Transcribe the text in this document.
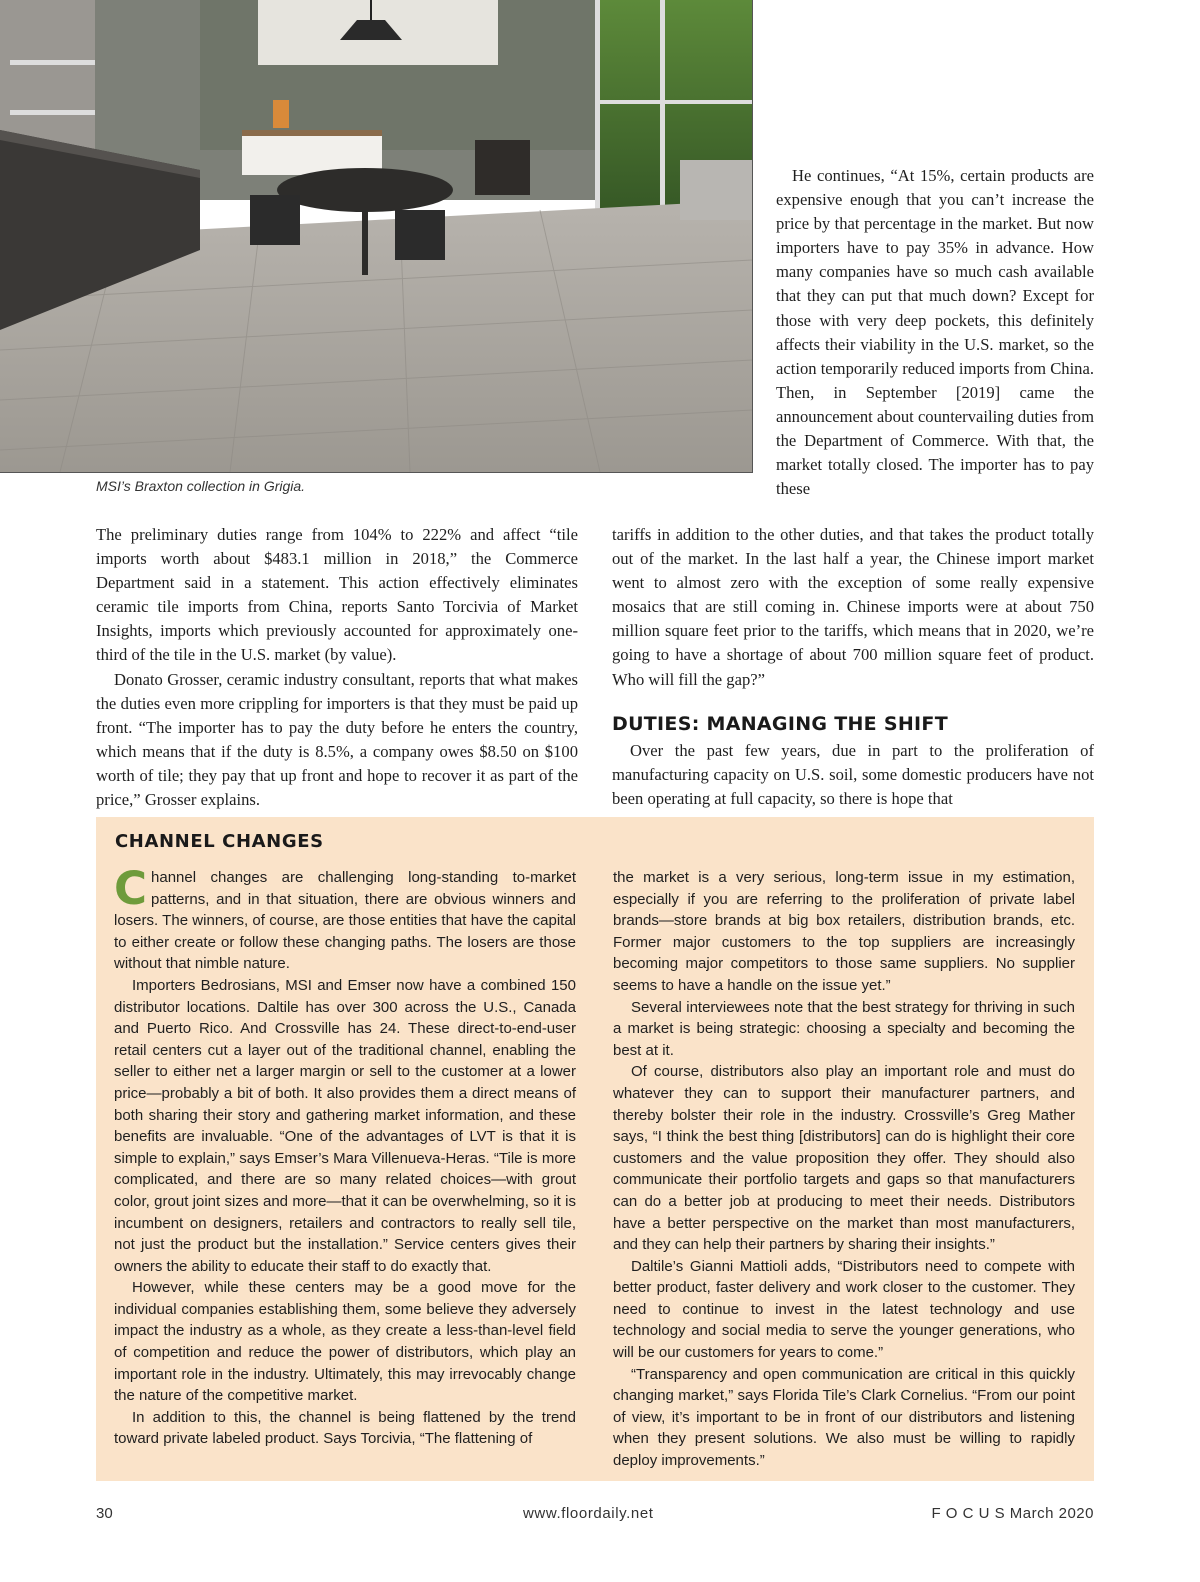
MSI’s Braxton collection in Grigia.

He continues, “At 15%, certain products are expensive enough that you can’t increase the price by that percentage in the market. But now importers have to pay 35% in advance. How many companies have so much cash available that they can put that much down? Except for those with very deep pockets, this definitely affects their viability in the U.S. market, so the action temporarily reduced imports from China. Then, in September [2019] came the announcement about countervailing duties from the Department of Commerce. With that, the market totally closed. The importer has to pay these

The preliminary duties range from 104% to 222% and affect “tile imports worth about $483.1 million in 2018,” the Commerce Department said in a statement. This action effectively eliminates ceramic tile imports from China, reports Santo Torcivia of Market Insights, imports which previously accounted for approximately one-third of the tile in the U.S. market (by value).

Donato Grosser, ceramic industry consultant, reports that what makes the duties even more crippling for importers is that they must be paid up front. “The importer has to pay the duty before he enters the country, which means that if the duty is 8.5%, a company owes $8.50 on $100 worth of tile; they pay that up front and hope to recover it as part of the price,” Grosser explains.

tariffs in addition to the other duties, and that takes the product totally out of the market. In the last half a year, the Chinese import market went to almost zero with the exception of some really expensive mosaics that are still coming in. Chinese imports were at about 750 million square feet prior to the tariffs, which means that in 2020, we’re going to have a shortage of about 700 million square feet of product. Who will fill the gap?”

DUTIES: MANAGING THE SHIFT

Over the past few years, due in part to the proliferation of manufacturing capacity on U.S. soil, some domestic producers have not been operating at full capacity, so there is hope that

CHANNEL CHANGES

Channel changes are challenging long-standing to-market patterns, and in that situation, there are obvious winners and losers. The winners, of course, are those entities that have the capital to either create or follow these changing paths. The losers are those without that nimble nature.

Importers Bedrosians, MSI and Emser now have a combined 150 distributor locations. Daltile has over 300 across the U.S., Canada and Puerto Rico. And Crossville has 24. These direct-to-end-user retail centers cut a layer out of the traditional channel, enabling the seller to either net a larger margin or sell to the customer at a lower price—probably a bit of both. It also provides them a direct means of both sharing their story and gathering market information, and these benefits are invaluable. “One of the advantages of LVT is that it is simple to explain,” says Emser’s Mara Villenueva-Heras. “Tile is more complicated, and there are so many related choices—with grout color, grout joint sizes and more—that it can be overwhelming, so it is incumbent on designers, retailers and contractors to really sell tile, not just the product but the installation.” Service centers gives their owners the ability to educate their staff to do exactly that.

However, while these centers may be a good move for the individual companies establishing them, some believe they adversely impact the industry as a whole, as they create a less-than-level field of competition and reduce the power of distributors, which play an important role in the industry. Ultimately, this may irrevocably change the nature of the competitive market.

In addition to this, the channel is being flattened by the trend toward private labeled product. Says Torcivia, “The flattening of

the market is a very serious, long-term issue in my estimation, especially if you are referring to the proliferation of private label brands—store brands at big box retailers, distribution brands, etc. Former major customers to the top suppliers are increasingly becoming major competitors to those same suppliers. No supplier seems to have a handle on the issue yet.”

Several interviewees note that the best strategy for thriving in such a market is being strategic: choosing a specialty and becoming the best at it.

Of course, distributors also play an important role and must do whatever they can to support their manufacturer partners, and thereby bolster their role in the industry. Crossville’s Greg Mather says, “I think the best thing [distributors] can do is highlight their core customers and the value proposition they offer. They should also communicate their portfolio targets and gaps so that manufacturers can do a better job at producing to meet their needs. Distributors have a better perspective on the market than most manufacturers, and they can help their partners by sharing their insights.”

Daltile’s Gianni Mattioli adds, “Distributors need to compete with better product, faster delivery and work closer to the customer. They need to continue to invest in the latest technology and use technology and social media to serve the younger generations, who will be our customers for years to come.”

“Transparency and open communication are critical in this quickly changing market,” says Florida Tile’s Clark Cornelius. “From our point of view, it’s important to be in front of our distributors and listening when they present solutions. We also must be willing to rapidly deploy improvements.”

30	www.floordaily.net	F O C U S March 2020
